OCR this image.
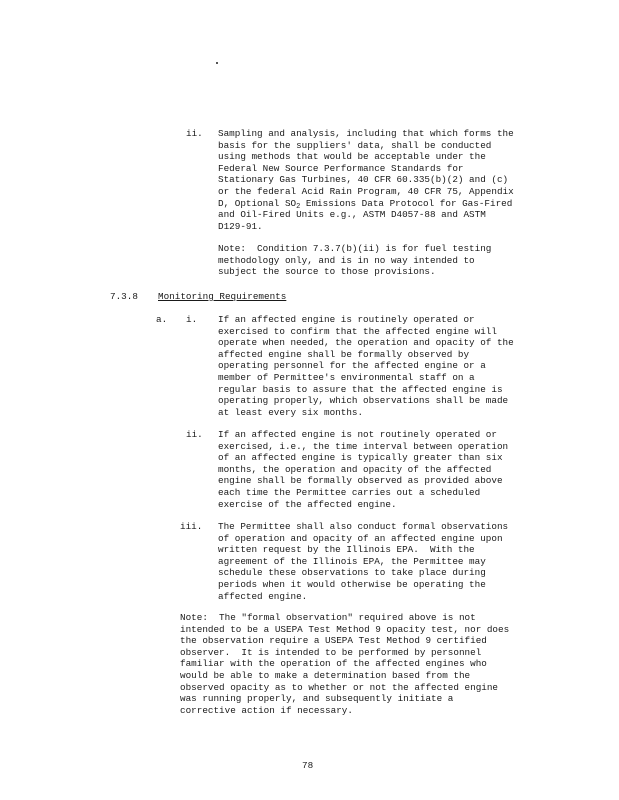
ii. Sampling and analysis, including that which forms the
basis for the suppliers' data, shall be conducted
using methods that would be acceptable under the
Federal New Source Performance Standards for
Stationary Gas Turbines, 40 CFR 60.335(b)(2) and (c)
or the federal Acid Rain Program, 40 CFR 75, Appendix
D, Optional $SO_2$ Emissions Data Protocol for Gas-Fired
and Oil-Fired Units e.g., ASTM D4057-88 and ASTM
D129-91.
Note:  Condition 7.3.7(b)(ii) is for fuel testing
methodology only, and is in no way intended to
subject the source to those provisions.
7.3.8 Monitoring Requirements
a. i. If an affected engine is routinely operated or
exercised to confirm that the affected engine will
operate when needed, the operation and opacity of the
affected engine shall be formally observed by
operating personnel for the affected engine or a
member of Permittee's environmental staff on a
regular basis to assure that the affected engine is
operating properly, which observations shall be made
at least every six months.
ii. If an affected engine is not routinely operated or
exercised, i.e., the time interval between operation
of an affected engine is typically greater than six
months, the operation and opacity of the affected
engine shall be formally observed as provided above
each time the Permittee carries out a scheduled
exercise of the affected engine.
iii. The Permittee shall also conduct formal observations
of operation and opacity of an affected engine upon
written request by the Illinois EPA.  With the
agreement of the Illinois EPA, the Permittee may
schedule these observations to take place during
periods when it would otherwise be operating the
affected engine.
Note:  The "formal observation" required above is not
intended to be a USEPA Test Method 9 opacity test, nor does
the observation require a USEPA Test Method 9 certified
observer.  It is intended to be performed by personnel
familiar with the operation of the affected engines who
would be able to make a determination based from the
observed opacity as to whether or not the affected engine
was running properly, and subsequently initiate a
corrective action if necessary.
78
